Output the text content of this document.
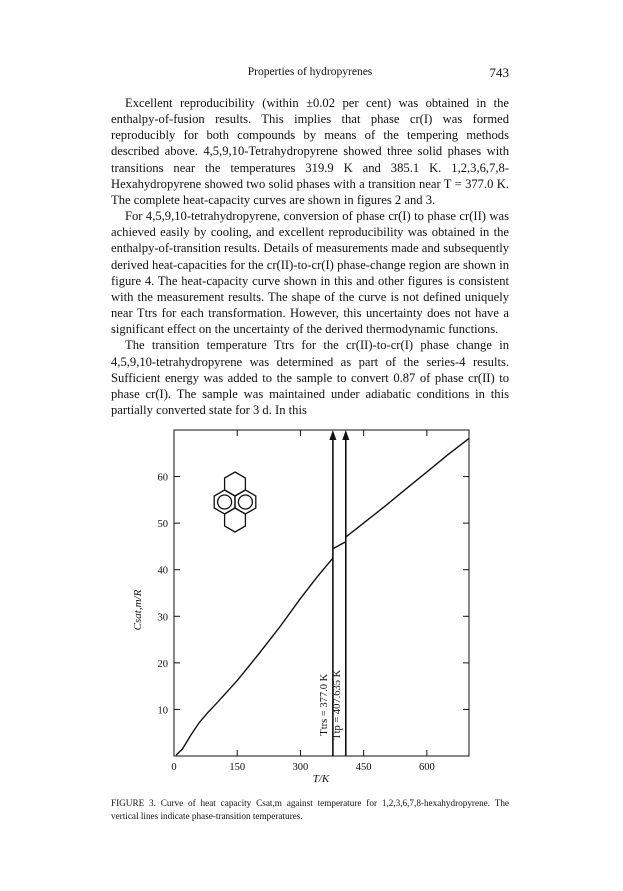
Properties of hydropyrenes	743

Excellent reproducibility (within ±0.02 per cent) was obtained in the enthalpy-of-fusion results. This implies that phase cr(I) was formed reproducibly for both compounds by means of the tempering methods described above. 4,5,9,10-Tetrahydropyrene showed three solid phases with transitions near the temperatures 319.9 K and 385.1 K. 1,2,3,6,7,8-Hexahydropyrene showed two solid phases with a transition near T = 377.0 K. The complete heat-capacity curves are shown in figures 2 and 3.

For 4,5,9,10-tetrahydropyrene, conversion of phase cr(I) to phase cr(II) was achieved easily by cooling, and excellent reproducibility was obtained in the enthalpy-of-transition results. Details of measurements made and subsequently derived heat-capacities for the cr(II)-to-cr(I) phase-change region are shown in figure 4. The heat-capacity curve shown in this and other figures is consistent with the measurement results. The shape of the curve is not defined uniquely near Ttrs for each transformation. However, this uncertainty does not have a significant effect on the uncertainty of the derived thermodynamic functions.

The transition temperature Ttrs for the cr(II)-to-cr(I) phase change in 4,5,9,10-tetrahydropyrene was determined as part of the series-4 results. Sufficient energy was added to the sample to convert 0.87 of phase cr(II) to phase cr(I). The sample was maintained under adiabatic conditions in this partially converted state for 3 d. In this

0	150	300	450	600
10
20
30
40
50
60
Ttrs = 377.0 K Ttp = 407.635 K
T/K
Csat,m/R
FIGURE 3. Curve of heat capacity Csat,m against temperature for 1,2,3,6,7,8-hexahydropyrene. The vertical lines indicate phase-transition temperatures.
